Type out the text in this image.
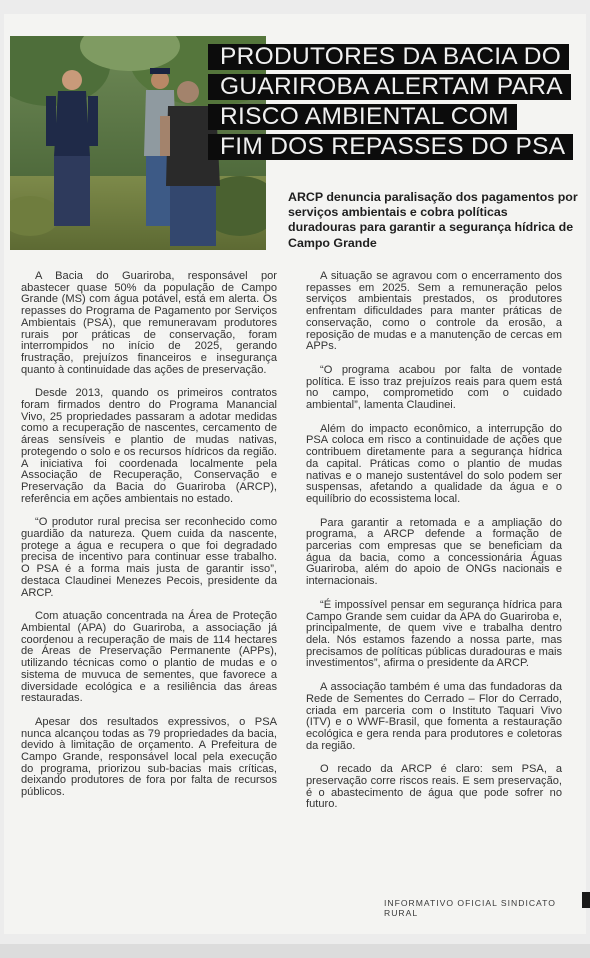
PRODUTORES DA BACIA DO
GUARIROBA ALERTAM PARA
RISCO AMBIENTAL COM
FIM DOS REPASSES DO PSA
ARCP denuncia paralisação dos pagamentos por serviços ambientais e cobra políticas duradouras para garantir a segurança hídrica de Campo Grande

A Bacia do Guariroba, responsável por abastecer quase 50% da população de Campo Grande (MS) com água potável, está em alerta. Os repasses do Programa de Pagamento por Serviços Ambientais (PSA), que remuneravam produtores rurais por práticas de conservação, foram interrompidos no início de 2025, gerando frustração, prejuízos financeiros e insegurança quanto à continuidade das ações de preservação.

Desde 2013, quando os primeiros contratos foram firmados dentro do Programa Manancial Vivo, 25 propriedades passaram a adotar medidas como a recuperação de nascentes, cercamento de áreas sensíveis e plantio de mudas nativas, protegendo o solo e os recursos hídricos da região. A iniciativa foi coordenada localmente pela Associação de Recuperação, Conservação e Preservação da Bacia do Guariroba (ARCP), referência em ações ambientais no estado.

“O produtor rural precisa ser reconhecido como guardião da natureza. Quem cuida da nascente, protege a água e recupera o que foi degradado precisa de incentivo para continuar esse trabalho. O PSA é a forma mais justa de garantir isso”, destaca Claudinei Menezes Pecois, presidente da ARCP.

Com atuação concentrada na Área de Proteção Ambiental (APA) do Guariroba, a associação já coordenou a recuperação de mais de 114 hectares de Áreas de Preservação Permanente (APPs), utilizando técnicas como o plantio de mudas e o sistema de muvuca de sementes, que favorece a diversidade ecológica e a resiliência das áreas restauradas.

Apesar dos resultados expressivos, o PSA nunca alcançou todas as 79 propriedades da bacia, devido à limitação de orçamento. A Prefeitura de Campo Grande, responsável local pela execução do programa, priorizou sub-bacias mais críticas, deixando produtores de fora por falta de recursos públicos.

A situação se agravou com o encerramento dos repasses em 2025. Sem a remuneração pelos serviços ambientais prestados, os produtores enfrentam dificuldades para manter práticas de conservação, como o controle da erosão, a reposição de mudas e a manutenção de cercas em APPs.

“O programa acabou por falta de vontade política. E isso traz prejuízos reais para quem está no campo, comprometido com o cuidado ambiental”, lamenta Claudinei.

Além do impacto econômico, a interrupção do PSA coloca em risco a continuidade de ações que contribuem diretamente para a segurança hídrica da capital. Práticas como o plantio de mudas nativas e o manejo sustentável do solo podem ser suspensas, afetando a qualidade da água e o equilíbrio do ecossistema local.

Para garantir a retomada e a ampliação do programa, a ARCP defende a formação de parcerias com empresas que se beneficiam da água da bacia, como a concessionária Águas Guariroba, além do apoio de ONGs nacionais e internacionais.

“É impossível pensar em segurança hídrica para Campo Grande sem cuidar da APA do Guariroba e, principalmente, de quem vive e trabalha dentro dela. Nós estamos fazendo a nossa parte, mas precisamos de políticas públicas duradouras e mais investimentos”, afirma o presidente da ARCP.

A associação também é uma das fundadoras da Rede de Sementes do Cerrado – Flor do Cerrado, criada em parceria com o Instituto Taquari Vivo (ITV) e o WWF-Brasil, que fomenta a restauração ecológica e gera renda para produtores e coletoras da região.

O recado da ARCP é claro: sem PSA, a preservação corre riscos reais. E sem preservação, é o abastecimento de água que pode sofrer no futuro.

INFORMATIVO OFICIAL SINDICATO RURAL
